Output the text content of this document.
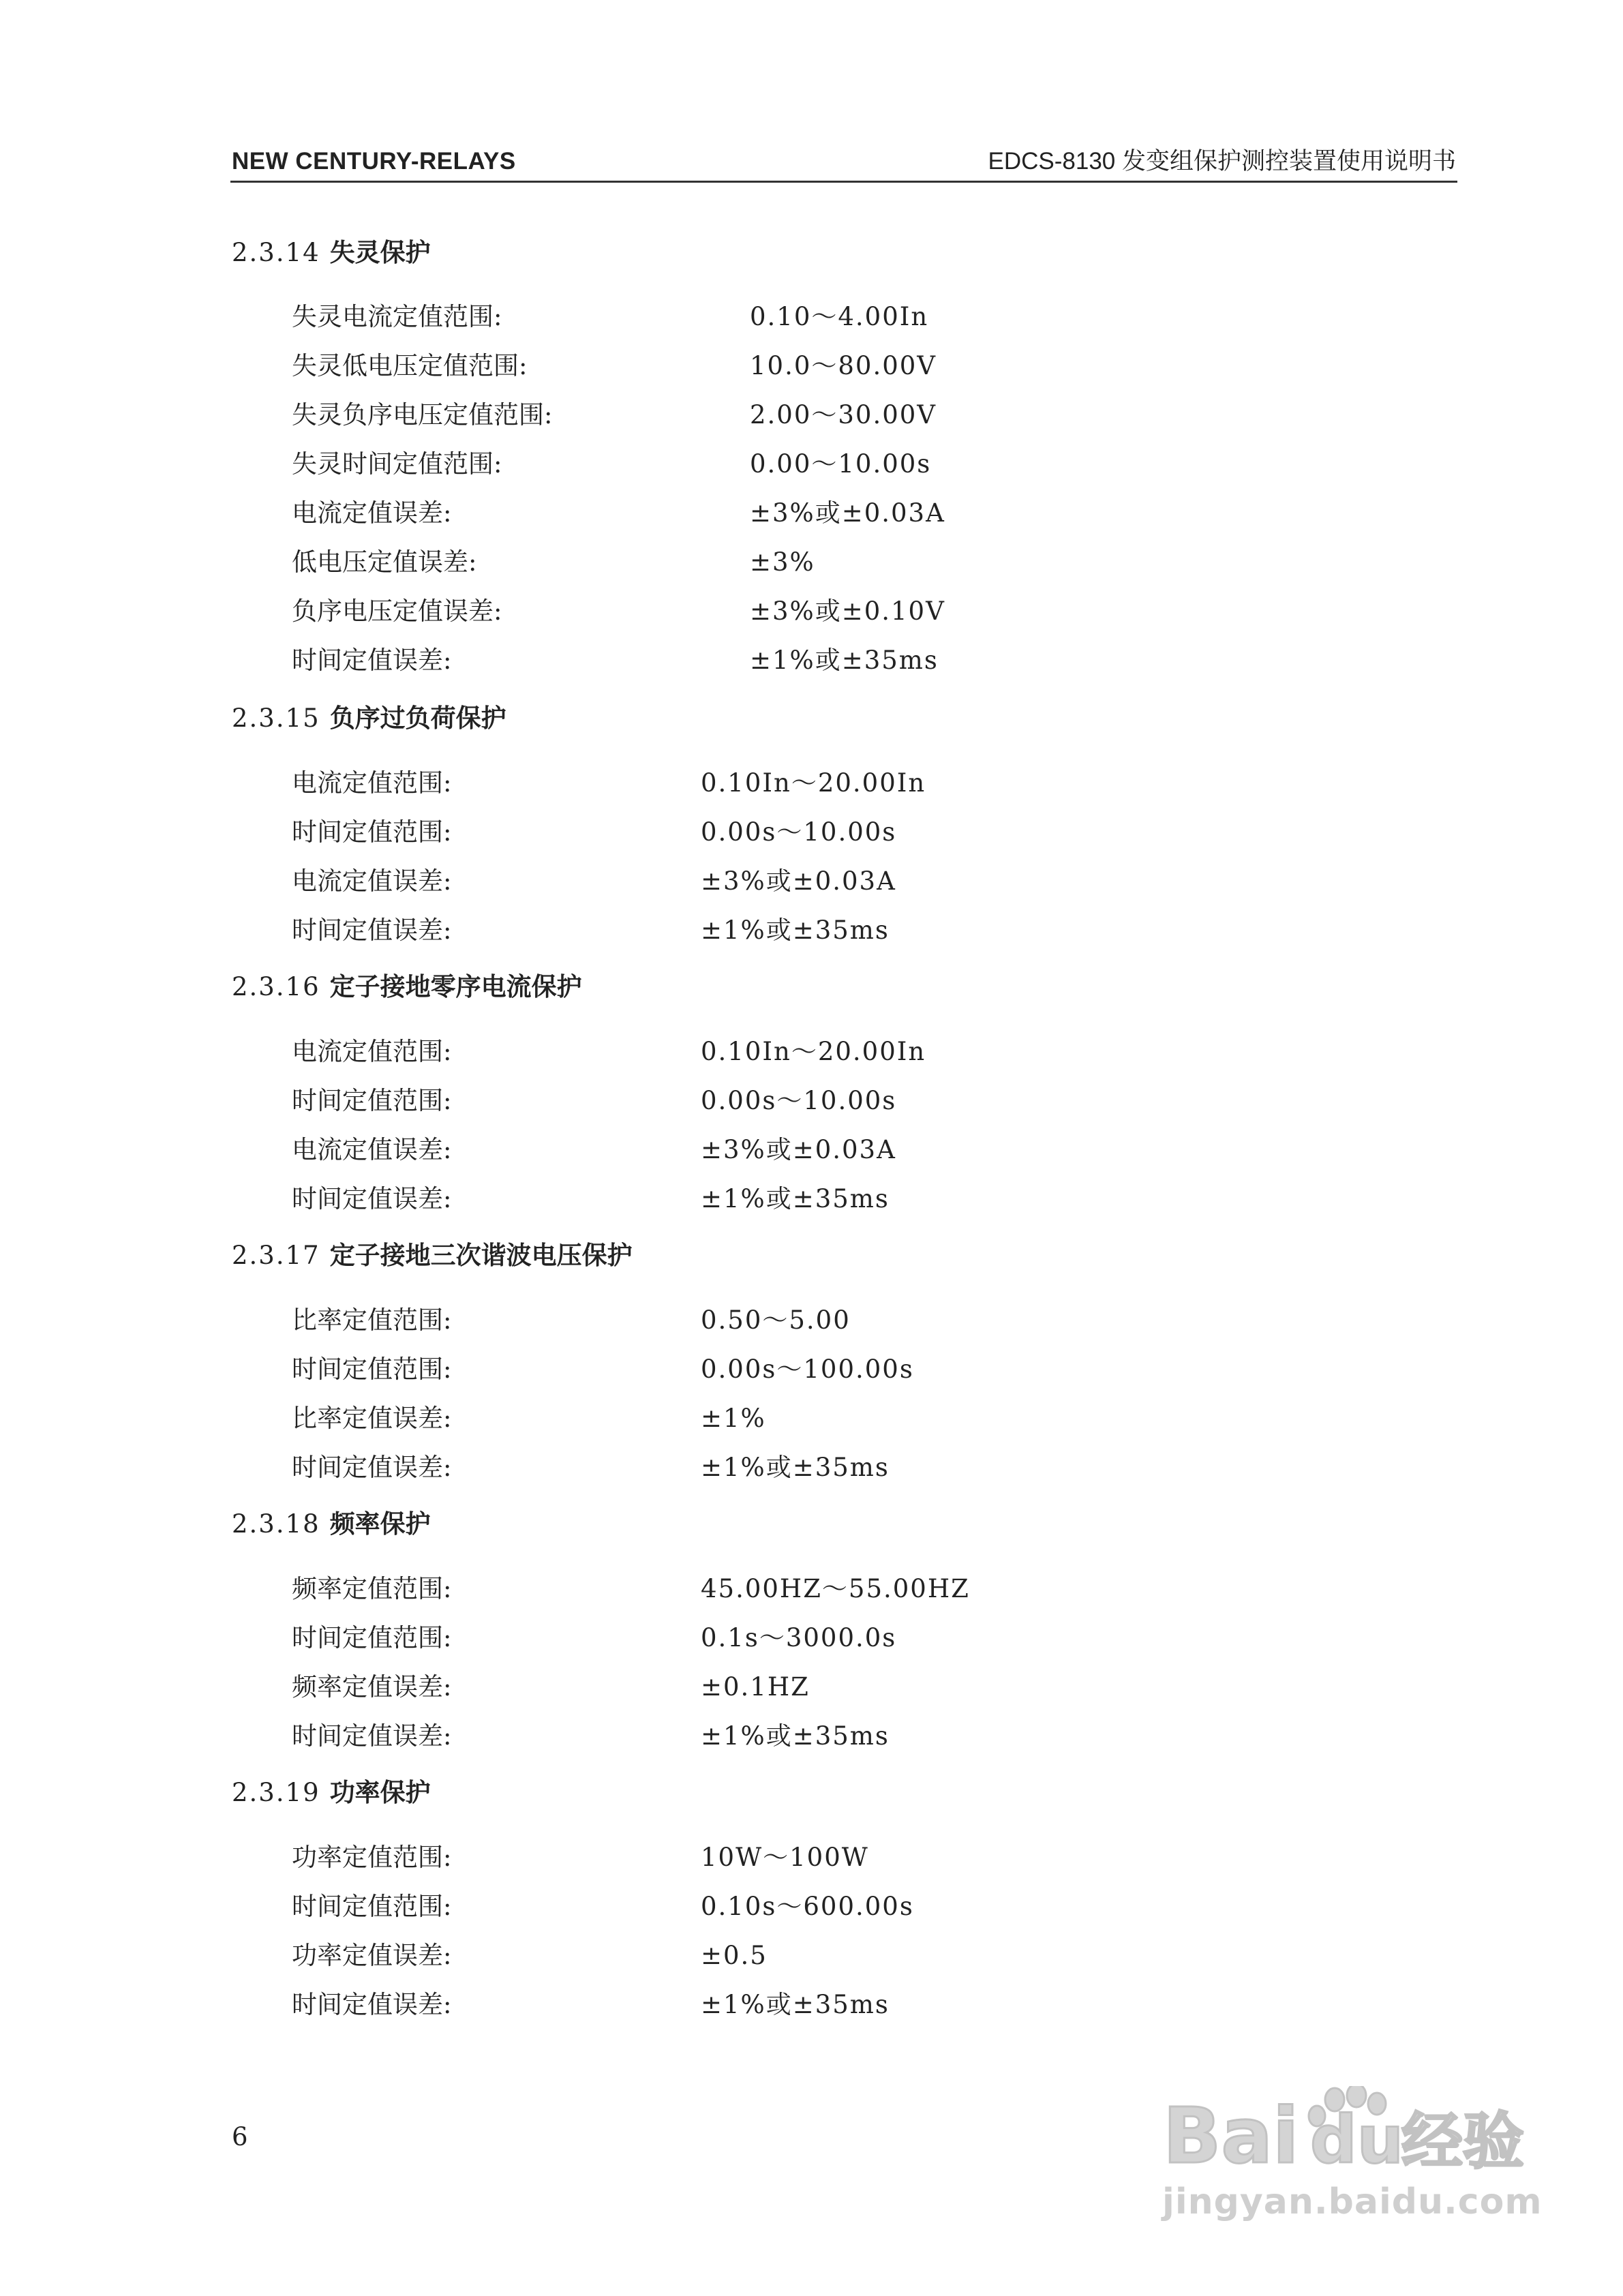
NEW CENTURY-RELAYS	EDCS-8130 发变组保护测控装置使用说明书
2.3.14 失灵保护
失灵电流定值范围:	0.10～4.00In
失灵低电压定值范围:	10.0～80.00V
失灵负序电压定值范围:	2.00～30.00V
失灵时间定值范围:	0.00～10.00s
电流定值误差:	±3%或±0.03A
低电压定值误差:	±3%
负序电压定值误差:	±3%或±0.10V
时间定值误差:	±1%或±35ms
2.3.15 负序过负荷保护
电流定值范围:	0.10In～20.00In
时间定值范围:	0.00s～10.00s
电流定值误差:	±3%或±0.03A
时间定值误差:	±1%或±35ms
2.3.16 定子接地零序电流保护
电流定值范围:	0.10In～20.00In
时间定值范围:	0.00s～10.00s
电流定值误差:	±3%或±0.03A
时间定值误差:	±1%或±35ms
2.3.17 定子接地三次谐波电压保护
比率定值范围:	0.50～5.00
时间定值范围:	0.00s～100.00s
比率定值误差:	±1%
时间定值误差:	±1%或±35ms
2.3.18 频率保护
频率定值范围:	45.00HZ～55.00HZ
时间定值范围:	0.1s～3000.0s
频率定值误差:	±0.1HZ
时间定值误差:	±1%或±35ms
2.3.19 功率保护
功率定值范围:	10W～100W
时间定值范围:	0.10s～600.00s
功率定值误差:	±0.5
时间定值误差:	±1%或±35ms
6	Bai du
经验
jingyan.baidu.com
